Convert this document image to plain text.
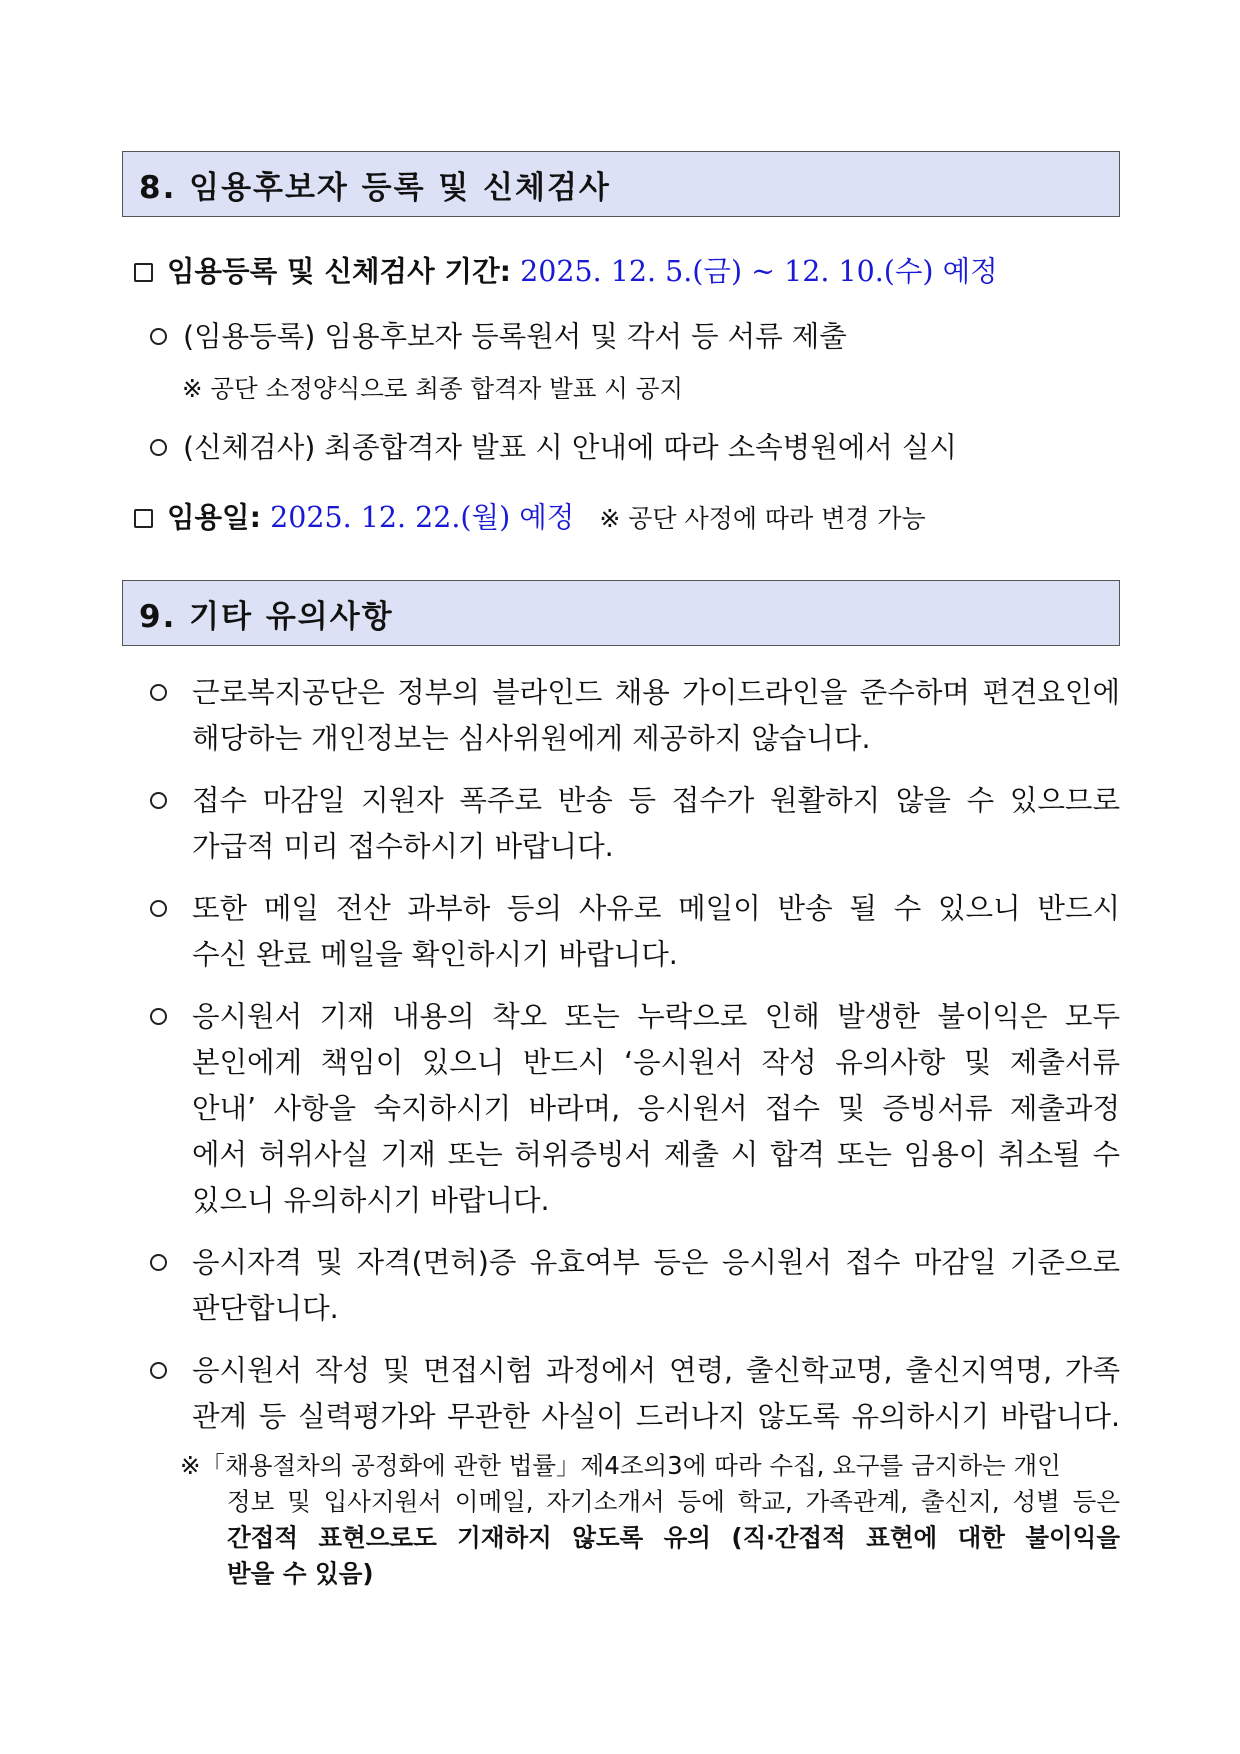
8. 임용후보자 등록 및 신체검사
임용등록 및 신체검사 기간: 2025. 12. 5.(금) ~ 12. 10.(수) 예정
(임용등록) 임용후보자 등록원서 및 각서 등 서류 제출
※ 공단 소정양식으로 최종 합격자 발표 시 공지
(신체검사) 최종합격자 발표 시 안내에 따라 소속병원에서 실시
임용일: 2025. 12. 22.(월) 예정 ※ 공단 사정에 따라 변경 가능
9. 기타 유의사항
근로복지공단은 정부의 블라인드 채용 가이드라인을 준수하며 편견요인에
해당하는 개인정보는 심사위원에게 제공하지 않습니다.
접수 마감일 지원자 폭주로 반송 등 접수가 원활하지 않을 수 있으므로
가급적 미리 접수하시기 바랍니다.
또한 메일 전산 과부하 등의 사유로 메일이 반송 될 수 있으니 반드시
수신 완료 메일을 확인하시기 바랍니다.
응시원서 기재 내용의 착오 또는 누락으로 인해 발생한 불이익은 모두
본인에게 책임이 있으니 반드시 ‘응시원서 작성 유의사항 및 제출서류
안내’ 사항을 숙지하시기 바라며, 응시원서 접수 및 증빙서류 제출과정
에서 허위사실 기재 또는 허위증빙서 제출 시 합격 또는 임용이 취소될 수
있으니 유의하시기 바랍니다.
응시자격 및 자격(면허)증 유효여부 등은 응시원서 접수 마감일 기준으로
판단합니다.
응시원서 작성 및 면접시험 과정에서 연령, 출신학교명, 출신지역명, 가족
관계 등 실력평가와 무관한 사실이 드러나지 않도록 유의하시기 바랍니다.
※「채용절차의 공정화에 관한 법률」제4조의3에 따라 수집, 요구를 금지하는 개인
정보 및 입사지원서 이메일, 자기소개서 등에 학교, 가족관계, 출신지, 성별 등은
간접적 표현으로도 기재하지 않도록 유의 (직‧간접적 표현에 대한 불이익을
받을 수 있음)
